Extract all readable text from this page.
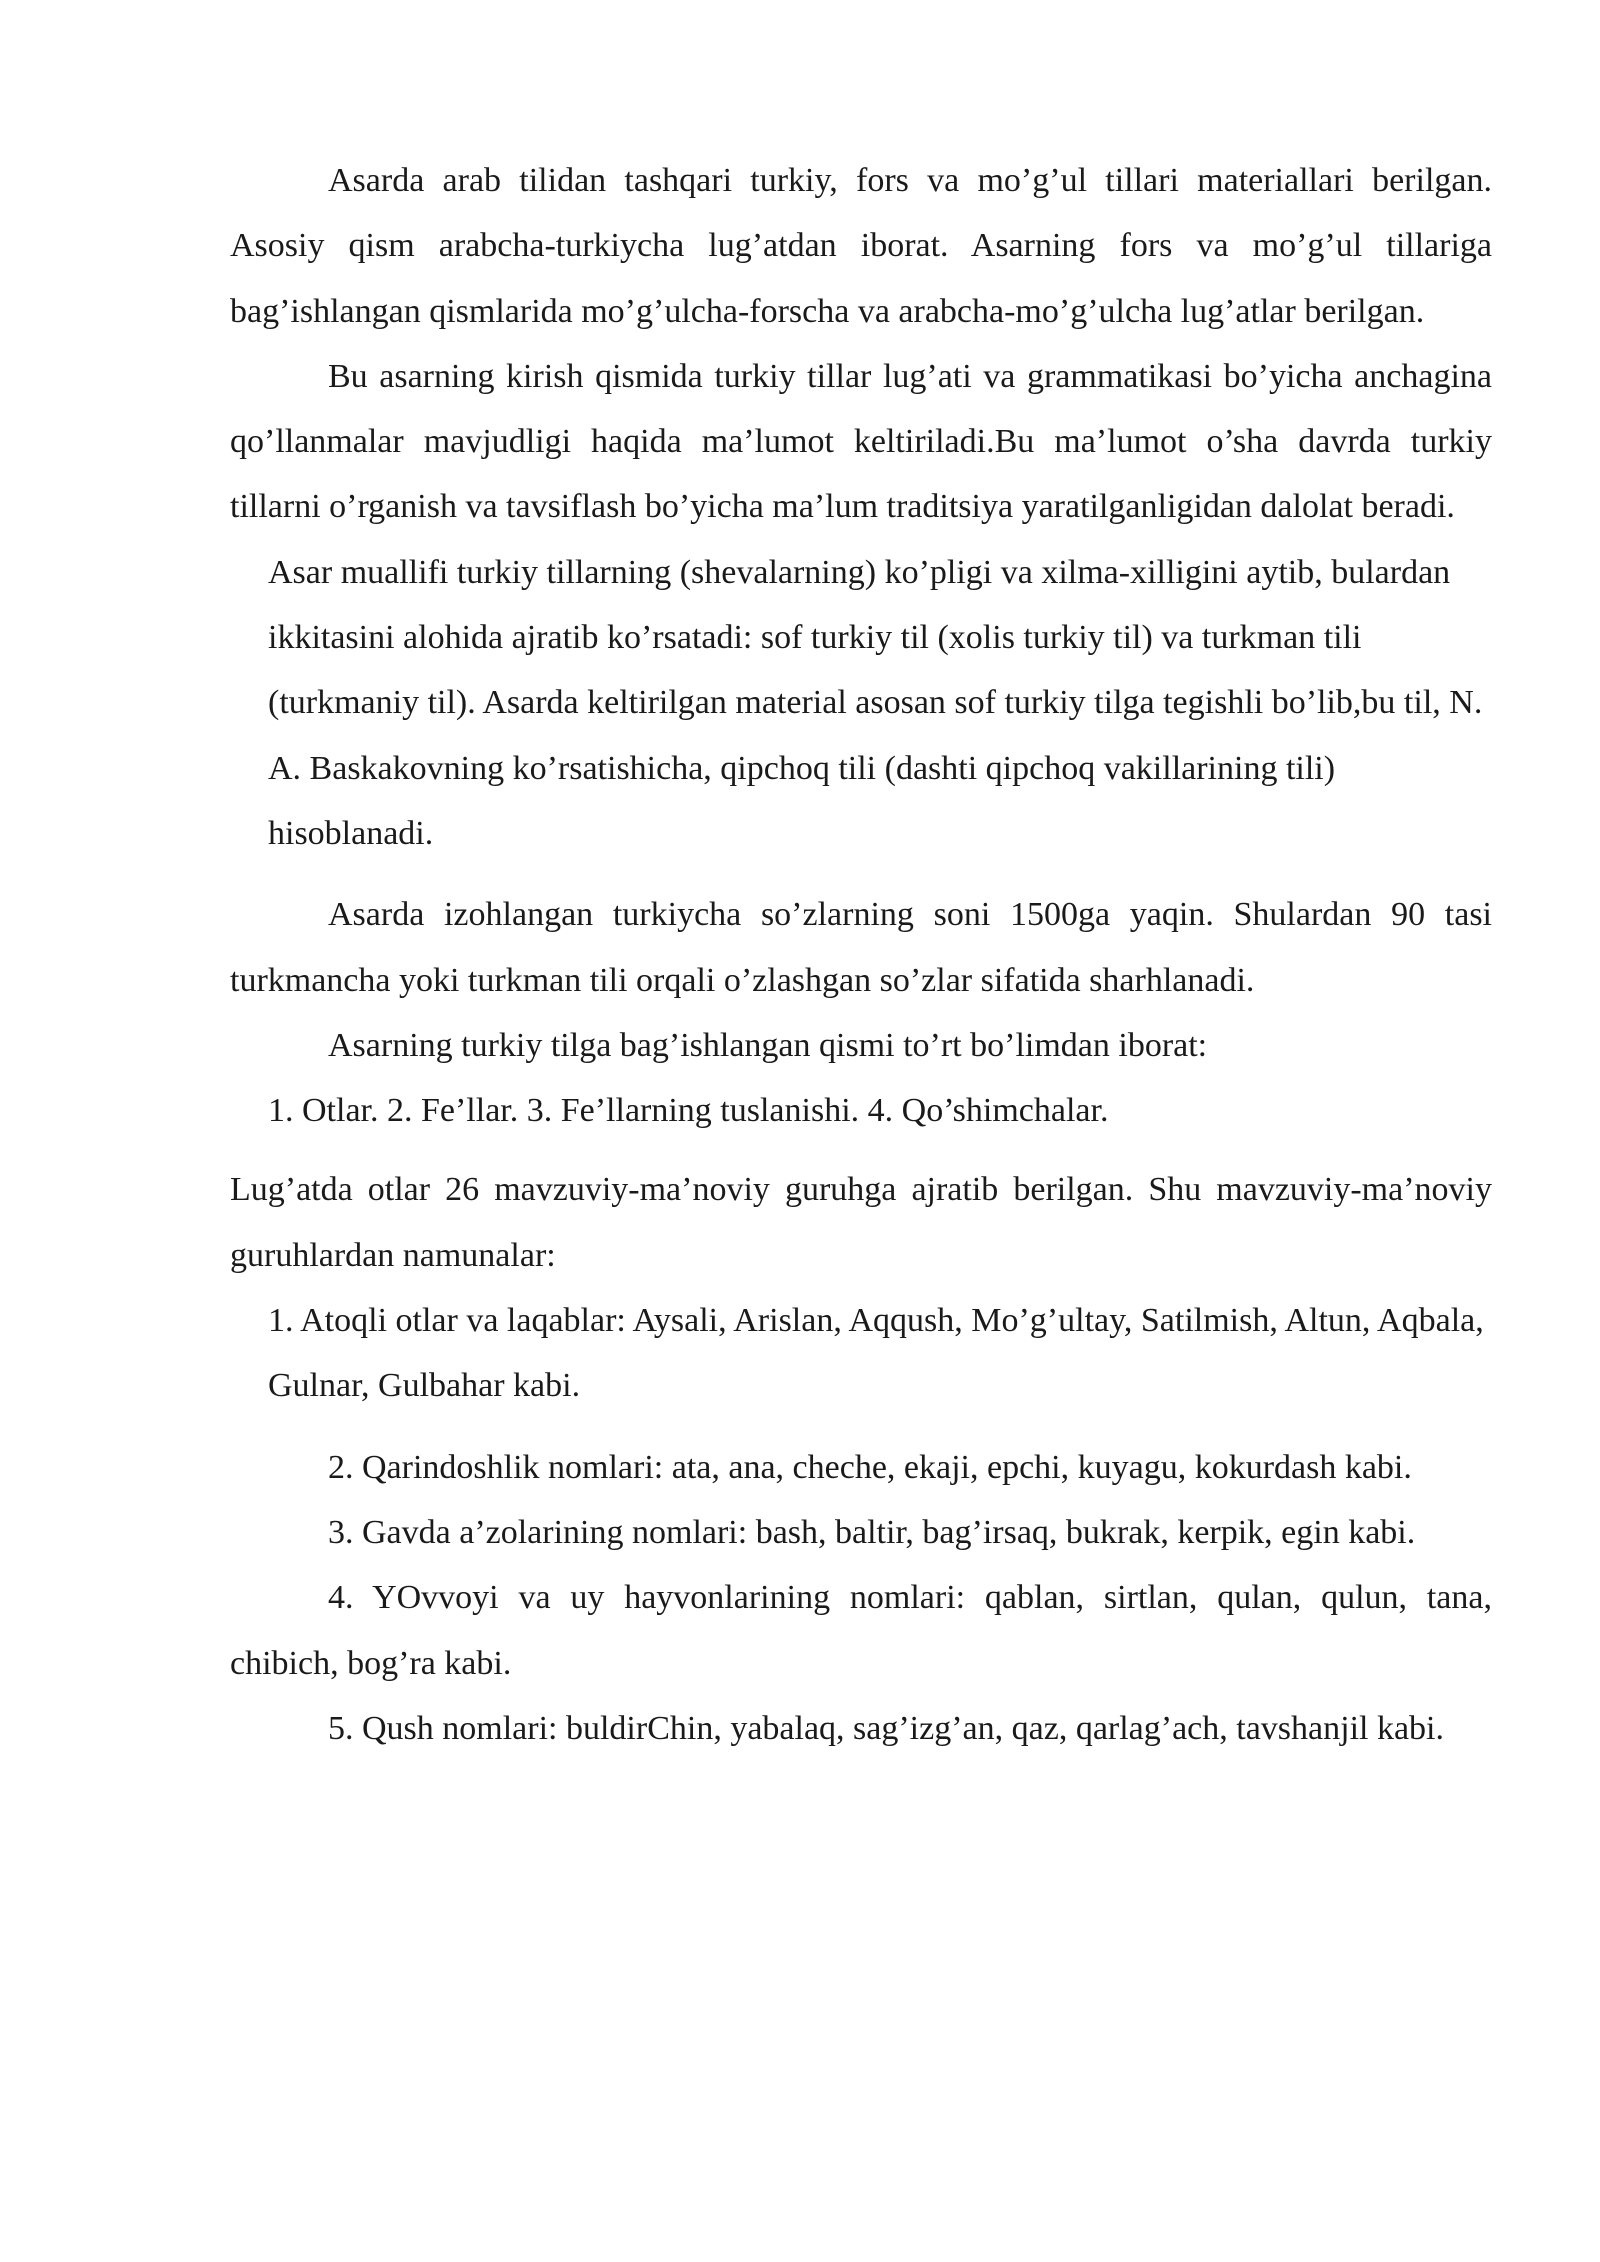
Asarda arab tilidan tashqari turkiy, fors va mo’g’ul tillari materiallari berilgan. Asosiy qism arabcha-turkiycha lug’atdan iborat. Asarning fors va mo’g’ul tillariga bag’ishlangan qismlarida mo’g’ulcha-forscha va arabcha-mo’g’ulcha lug’atlar berilgan.

Bu asarning kirish qismida turkiy tillar lug’ati va grammatikasi bo’yicha anchagina qo’llanmalar mavjudligi haqida ma’lumot keltiriladi.Bu ma’lumot o’sha davrda turkiy tillarni o’rganish va tavsiflash bo’yicha ma’lum traditsiya yaratilganligidan dalolat beradi.

Asar muallifi turkiy tillarning (shevalarning) ko’pligi va xilma-xilligini aytib, bulardan ikkitasini alohida ajratib ko’rsatadi: sof turkiy til (xolis turkiy til) va turkman tili (turkmaniy til). Asarda keltirilgan material asosan sof turkiy tilga tegishli bo’lib,bu til, N. A. Baskakovning ko’rsatishicha, qipchoq tili (dashti qipchoq vakillarining tili) hisoblanadi.

Asarda izohlangan turkiycha so’zlarning soni 1500ga yaqin. Shulardan 90 tasi turkmancha yoki turkman tili orqali o’zlashgan so’zlar sifatida sharhlanadi.

Asarning turkiy tilga bag’ishlangan qismi to’rt bo’limdan iborat:

1. Otlar. 2. Fe’llar. 3. Fe’llarning tuslanishi. 4. Qo’shimchalar.

Lug’atda otlar 26 mavzuviy-ma’noviy guruhga ajratib berilgan. Shu mavzuviy-ma’noviy guruhlardan namunalar:

1. Atoqli otlar va laqablar: Aysali, Arislan, Aqqush, Mo’g’ultay, Satilmish, Altun, Aqbala, Gulnar, Gulbahar kabi.

2. Qarindoshlik nomlari: ata, ana, cheche, ekaji, epchi, kuyagu, kokurdash kabi.

3. Gavda a’zolarining nomlari: bash, baltir, bag’irsaq, bukrak, kerpik, egin kabi.

4. YOvvoyi va uy hayvonlarining nomlari: qablan, sirtlan, qulan, qulun, tana, chibich, bog’ra kabi.

5. Qush nomlari: buldirChin, yabalaq, sag’izg’an, qaz, qarlag’ach, tavshanjil kabi.
